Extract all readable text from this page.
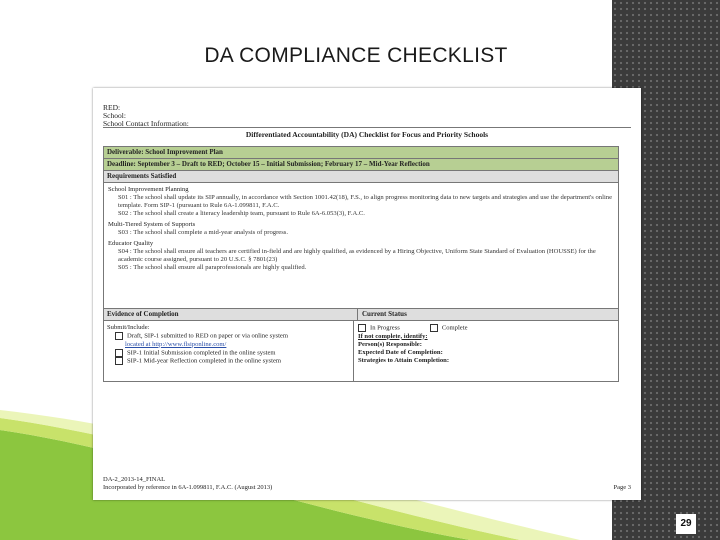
DA COMPLIANCE CHECKLIST
RED:
School:
School Contact Information:
Differentiated Accountability (DA) Checklist for Focus and Priority Schools
Deliverable: School Improvement Plan
Deadline: September 3 – Draft to RED; October 15 – Initial Submission; February 17 – Mid-Year Reflection
Requirements Satisfied
School Improvement Planning
S01 : The school shall update its SIP annually, in accordance with Section 1001.42(18), F.S., to align progress monitoring data to new targets and strategies and use the department's online template. Form SIP-1 (pursuant to Rule 6A-1.099811, F.A.C.
S02 : The school shall create a literacy leadership team, pursuant to Rule 6A-6.053(3), F.A.C.
Multi-Tiered System of Supports
S03 : The school shall complete a mid-year analysis of progress.
Educator Quality
S04 : The school shall ensure all teachers are certified in-field and are highly qualified, as evidenced by a Hiring Objective, Uniform State Standard of Evaluation (HOUSSE) for the academic course assigned, pursuant to 20 U.S.C. § 7801(23)
S05 : The school shall ensure all paraprofessionals are highly qualified.
Evidence of Completion	Current Status
Submit/Include:
Draft, SIP-1 submitted to RED on paper or via online system
located at http://www.flsiponline.com/
SIP-1 Initial Submission completed in the online system
SIP-1 Mid-year Reflection completed in the online system
In Progress	Complete
If not complete, identify:
Person(s) Responsible:
Expected Date of Completion:
Strategies to Attain Completion:
DA-2_2013-14_FINAL
Incorporated by reference in 6A-1.099811, F.A.C. (August 2013)	Page 3
29
